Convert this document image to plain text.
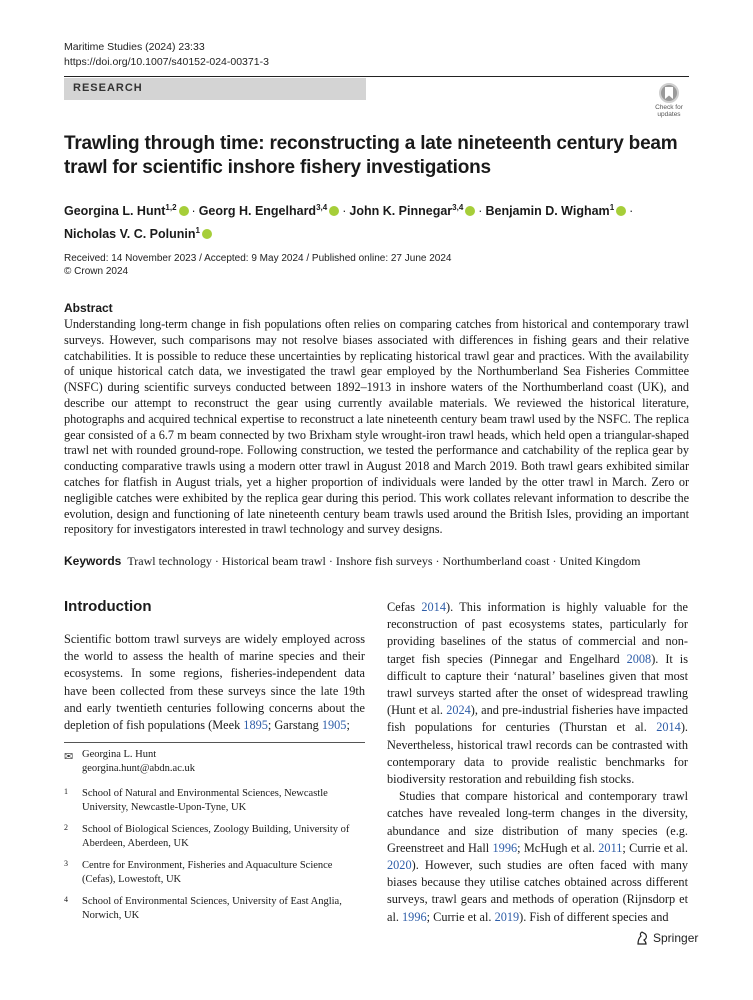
Maritime Studies (2024) 23:33
https://doi.org/10.1007/s40152-024-00371-3
RESEARCH
Check for updates
Trawling through time: reconstructing a late nineteenth century beam trawl for scientific inshore fishery investigations
Georgina L. Hunt$^{1,2}$ · Georg H. Engelhard$^{3,4}$ · John K. Pinnegar$^{3,4}$ · Benjamin D. Wigham$^1$ ·
Nicholas V. C. Polunin$^1$
Received: 14 November 2023 / Accepted: 9 May 2024 / Published online: 27 June 2024
© Crown 2024
Abstract

Understanding long-term change in fish populations often relies on comparing catches from historical and contemporary trawl surveys. However, such comparisons may not resolve biases associated with differences in fishing gears and their relative catchabilities. It is possible to reduce these uncertainties by replicating historical trawl gear and practices. With the availability of unique historical catch data, we investigated the trawl gear employed by the Northumberland Sea Fisheries Committee (NSFC) during scientific surveys conducted between 1892–1913 in inshore waters of the Northumberland coast (UK), and describe our attempt to reconstruct the gear using currently available materials. We reviewed the historical literature, photographs and acquired technical expertise to reconstruct a late nineteenth century beam trawl used by the NSFC. The replica gear consisted of a 6.7 m beam connected by two Brixham style wrought-iron trawl heads, which held open a triangular-shaped trawl net with rounded ground-rope. Following construction, we tested the performance and catchability of the replica gear by conducting comparative trawls using a modern otter trawl in August 2018 and March 2019. Both trawl gears exhibited similar catches for flatfish in August trials, yet a higher proportion of individuals were landed by the otter trawl in March. Zero or negligible catches were exhibited by the replica gear during this period. This work collates relevant information to describe the evolution, design and functioning of late nineteenth century beam trawls used around the British Isles, providing an important repository for investigators interested in trawl technology and survey designs.

Keywords Trawl technology · Historical beam trawl · Inshore fish surveys · Northumberland coast · United Kingdom
Introduction

Scientific bottom trawl surveys are widely employed across the world to assess the health of marine species and their ecosystems. In some regions, fisheries-independent data have been collected from these surveys since the late 19th and early twentieth centuries following concerns about the depletion of fish populations (Meek 1895; Garstang 1905;

✉ Georgina L. Hunt
georgina.hunt@abdn.ac.uk
1	School of Natural and Environmental Sciences, Newcastle University, Newcastle-Upon-Tyne, UK
2	School of Biological Sciences, Zoology Building, University of Aberdeen, Aberdeen, UK
3	Centre for Environment, Fisheries and Aquaculture Science (Cefas), Lowestoft, UK
4	School of Environmental Sciences, University of East Anglia, Norwich, UK

Cefas 2014). This information is highly valuable for the reconstruction of past ecosystems states, particularly for providing baselines of the status of commercial and non-target fish species (Pinnegar and Engelhard 2008). It is difficult to capture their ‘natural’ baselines given that most trawl surveys started after the onset of widespread trawling (Hunt et al. 2024), and pre-industrial fisheries have impacted fish populations for centuries (Thurstan et al. 2014). Nevertheless, historical trawl records can be contrasted with contemporary data to provide realistic benchmarks for biodiversity restoration and rebuilding fish stocks.

Studies that compare historical and contemporary trawl catches have revealed long-term changes in the diversity, abundance and size distribution of many species (e.g. Greenstreet and Hall 1996; McHugh et al. 2011; Currie et al. 2020). However, such studies are often faced with many biases because they utilise catches obtained across different surveys, trawl gears and methods of operation (Rijnsdorp et al. 1996; Currie et al. 2019). Fish of different species and

Springer
